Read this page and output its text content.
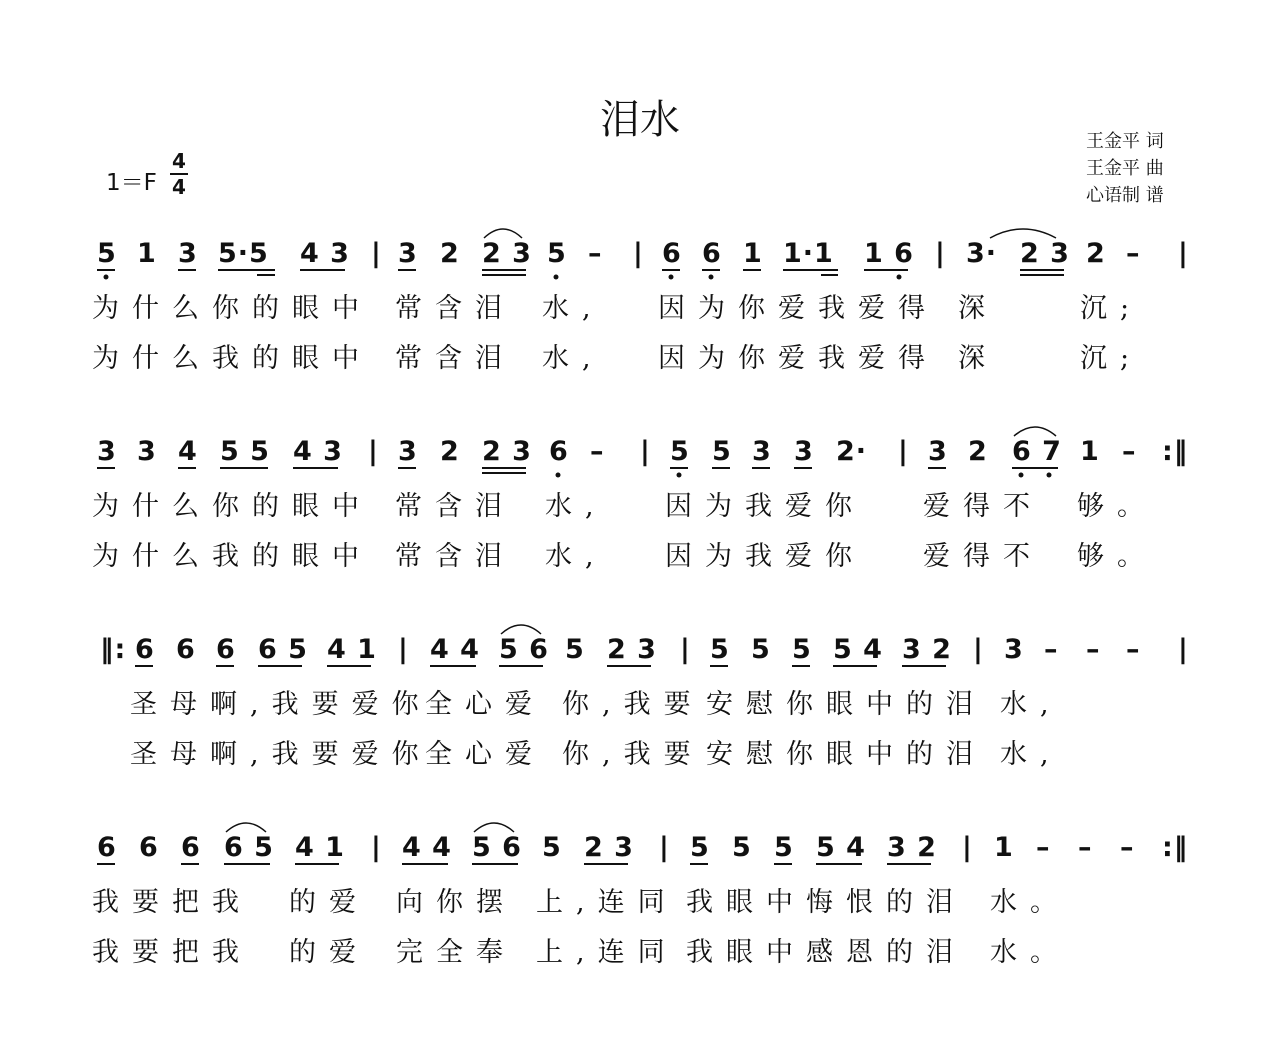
泪水	王金平 词
王金平 曲
心语制 谱
1＝F
4
4
5 1 3 5·5 4 3 | 3 2 2 3 5 – | 6 6 1 1·1 1 6 | 3· 2 3 2 – |
为什么你的眼中 常含泪 水, 因为你爱我爱得 深	沉;
为什么我的眼中 常含泪 水, 因为你爱我爱得 深	沉;
3 3 4 5 5 4 3 | 3 2 2 3 6 – | 5 5 3 3 2· | 3 2 6 7 1 – :‖
为什么你的眼中 常含泪 水, 因为我爱你 爱得不 够。
为什么我的眼中 常含泪 水, 因为我爱你 爱得不 够。
‖: 6 6 6 6 5 4 1 | 4 4 5 6 5 2 3 | 5 5 5 5 4 3 2 | 3 – – – |
圣母啊,我要爱你
全心爱 你,我要 安慰你眼中的泪 水,
圣母啊,我要爱你
全心爱 你,我要 安慰你眼中的泪 水,
6 6 6 6 5 4 1 | 4 4 5 6 5 2 3 | 5 5 5 5 4 3 2 | 1 – – – :‖
我要把我 的爱 向你摆 上,连同 我眼中悔恨的泪 水。
我要把我 的爱 完全奉 上,连同 我眼中感恩的泪 水。
